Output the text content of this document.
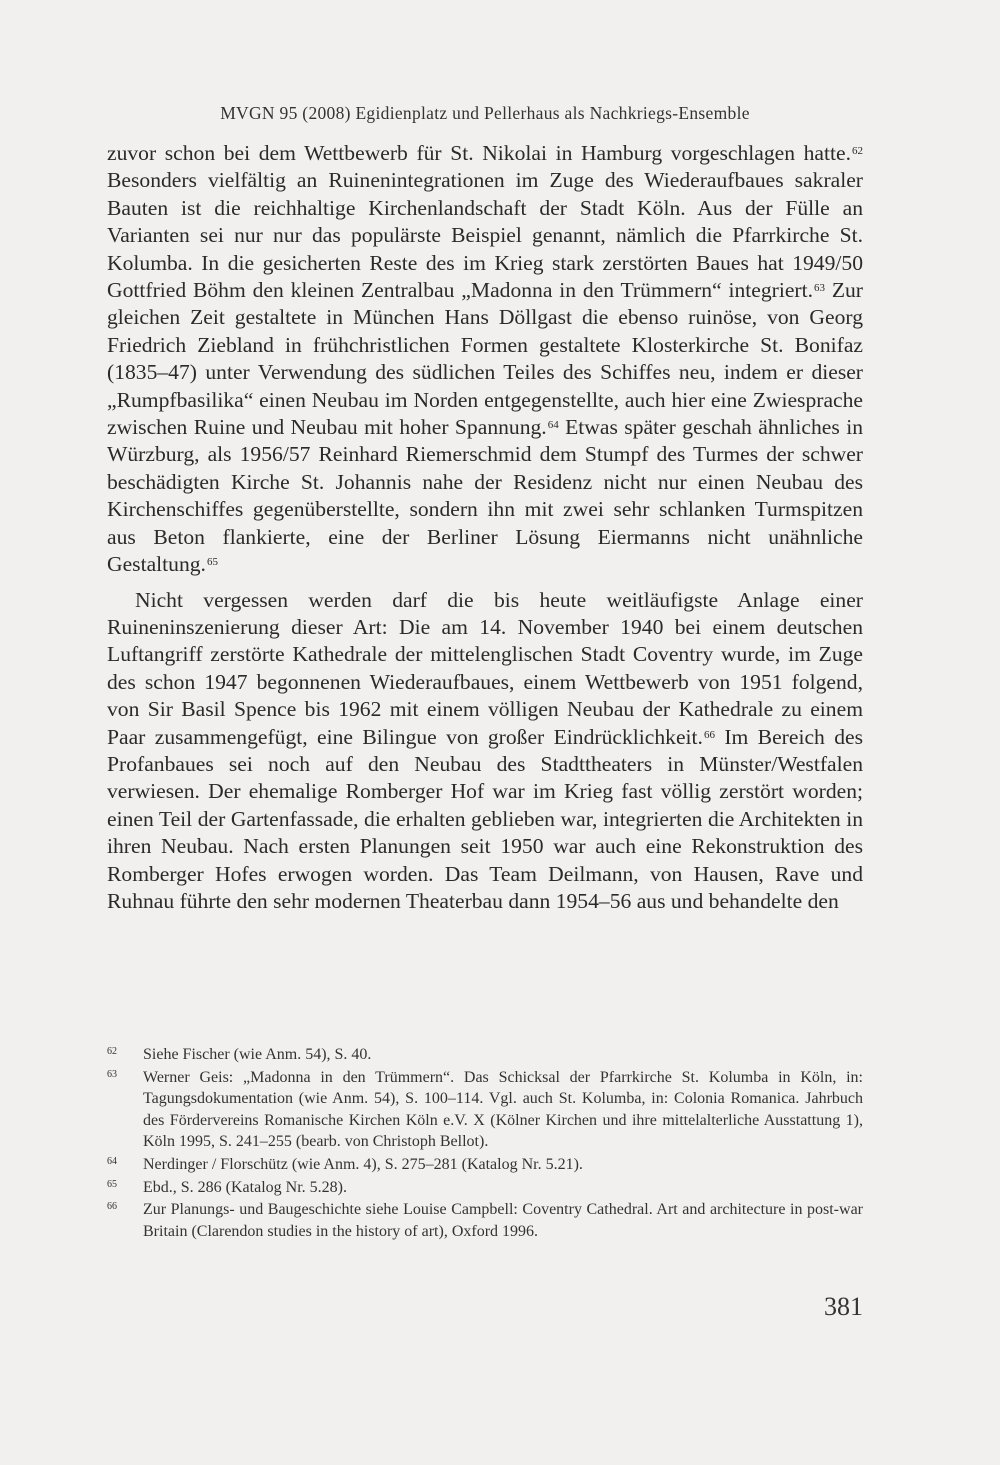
MVGN 95 (2008) Egidienplatz und Pellerhaus als Nachkriegs-Ensemble

zuvor schon bei dem Wettbewerb für St. Nikolai in Hamburg vorgeschlagen hatte.$^{62}$ Besonders vielfältig an Ruinenintegrationen im Zuge des Wiederaufbaues sakraler Bauten ist die reichhaltige Kirchenlandschaft der Stadt Köln. Aus der Fülle an Varianten sei nur nur das populärste Beispiel genannt, nämlich die Pfarrkirche St. Kolumba. In die gesicherten Reste des im Krieg stark zerstörten Baues hat 1949/50 Gottfried Böhm den kleinen Zentralbau „Madonna in den Trümmern“ integriert.$^{63}$ Zur gleichen Zeit gestaltete in München Hans Döllgast die ebenso ruinöse, von Georg Friedrich Ziebland in frühchristlichen Formen gestaltete Klosterkirche St. Bonifaz (1835–47) unter Verwendung des südlichen Teiles des Schiffes neu, indem er dieser „Rumpfbasilika“ einen Neubau im Norden entgegenstellte, auch hier eine Zwiesprache zwischen Ruine und Neubau mit hoher Spannung.$^{64}$ Etwas später geschah ähnliches in Würzburg, als 1956/57 Reinhard Riemerschmid dem Stumpf des Turmes der schwer beschädigten Kirche St. Johannis nahe der Residenz nicht nur einen Neubau des Kirchenschiffes gegenüberstellte, sondern ihn mit zwei sehr schlanken Turmspitzen aus Beton flankierte, eine der Berliner Lösung Eiermanns nicht unähnliche Gestaltung.$^{65}$

Nicht vergessen werden darf die bis heute weitläufigste Anlage einer Ruineninszenierung dieser Art: Die am 14. November 1940 bei einem deutschen Luftangriff zerstörte Kathedrale der mittelenglischen Stadt Coventry wurde, im Zuge des schon 1947 begonnenen Wiederaufbaues, einem Wettbewerb von 1951 folgend, von Sir Basil Spence bis 1962 mit einem völligen Neubau der Kathedrale zu einem Paar zusammengefügt, eine Bilingue von großer Eindrücklichkeit.$^{66}$ Im Bereich des Profanbaues sei noch auf den Neubau des Stadttheaters in Münster/Westfalen verwiesen. Der ehemalige Romberger Hof war im Krieg fast völlig zerstört worden; einen Teil der Gartenfassade, die erhalten geblieben war, integrierten die Architekten in ihren Neubau. Nach ersten Planungen seit 1950 war auch eine Rekonstruktion des Romberger Hofes erwogen worden. Das Team Deilmann, von Hausen, Rave und Ruhnau führte den sehr modernen Theaterbau dann 1954–56 aus und behandelte den

62	Siehe Fischer (wie Anm. 54), S. 40.
63	Werner Geis: „Madonna in den Trümmern“. Das Schicksal der Pfarrkirche St. Kolumba in Köln, in: Tagungsdokumentation (wie Anm. 54), S. 100–114. Vgl. auch St. Kolumba, in: Colonia Romanica. Jahrbuch des Fördervereins Romanische Kirchen Köln e.V. X (Kölner Kirchen und ihre mittelalterliche Ausstattung 1), Köln 1995, S. 241–255 (bearb. von Christoph Bellot).
64	Nerdinger / Florschütz (wie Anm. 4), S. 275–281 (Katalog Nr. 5.21).
65	Ebd., S. 286 (Katalog Nr. 5.28).
66	Zur Planungs- und Baugeschichte siehe Louise Campbell: Coventry Cathedral. Art and architecture in post-war Britain (Clarendon studies in the history of art), Oxford 1996.
381
